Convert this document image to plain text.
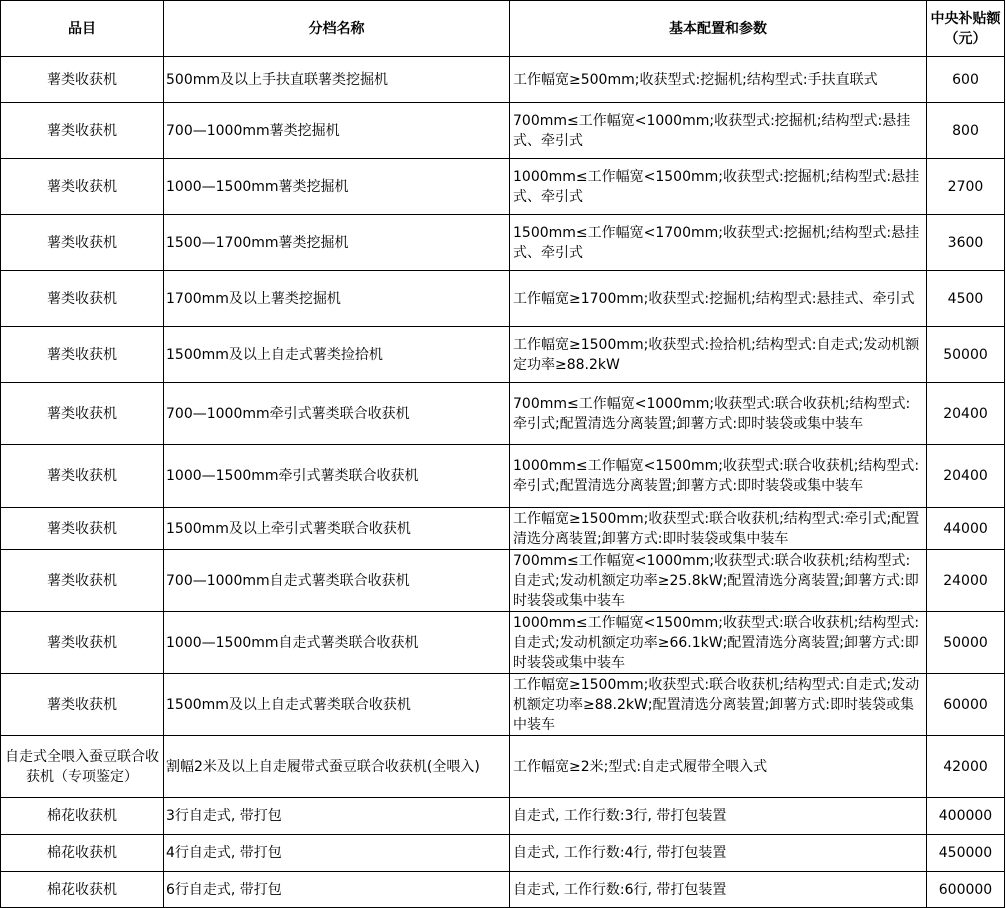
品目	分档名称	基本配置和参数	中央补贴额（元）
薯类收获机	500mm及以上手扶直联薯类挖掘机	工作幅宽≥500mm;收获型式:挖掘机;结构型式:手扶直联式	600
薯类收获机	700—1000mm薯类挖掘机	700mm≤工作幅宽<1000mm;收获型式:挖掘机;结构型式:悬挂式、牵引式	800
薯类收获机	1000—1500mm薯类挖掘机	1000mm≤工作幅宽<1500mm;收获型式:挖掘机;结构型式:悬挂式、牵引式	2700
薯类收获机	1500—1700mm薯类挖掘机	1500mm≤工作幅宽<1700mm;收获型式:挖掘机;结构型式:悬挂式、牵引式	3600
薯类收获机	1700mm及以上薯类挖掘机	工作幅宽≥1700mm;收获型式:挖掘机;结构型式:悬挂式、牵引式	4500
薯类收获机	1500mm及以上自走式薯类捡拾机	工作幅宽≥1500mm;收获型式:捡拾机;结构型式:自走式;发动机额定功率≥88.2kW	50000
薯类收获机	700—1000mm牵引式薯类联合收获机	700mm≤工作幅宽<1000mm;收获型式:联合收获机;结构型式:牵引式;配置清选分离装置;卸薯方式:即时装袋或集中装车	20400
薯类收获机	1000—1500mm牵引式薯类联合收获机	1000mm≤工作幅宽<1500mm;收获型式:联合收获机;结构型式:牵引式;配置清选分离装置;卸薯方式:即时装袋或集中装车	20400
薯类收获机	1500mm及以上牵引式薯类联合收获机	工作幅宽≥1500mm;收获型式:联合收获机;结构型式:牵引式;配置清选分离装置;卸薯方式:即时装袋或集中装车	44000
薯类收获机	700—1000mm自走式薯类联合收获机	700mm≤工作幅宽<1000mm;收获型式:联合收获机;结构型式:自走式;发动机额定功率≥25.8kW;配置清选分离装置;卸薯方式:即时装袋或集中装车	24000
薯类收获机	1000—1500mm自走式薯类联合收获机	1000mm≤工作幅宽<1500mm;收获型式:联合收获机;结构型式:自走式;发动机额定功率≥66.1kW;配置清选分离装置;卸薯方式:即时装袋或集中装车	50000
薯类收获机	1500mm及以上自走式薯类联合收获机	工作幅宽≥1500mm;收获型式:联合收获机;结构型式:自走式;发动机额定功率≥88.2kW;配置清选分离装置;卸薯方式:即时装袋或集中装车	60000
自走式全喂入蚕豆联合收获机（专项鉴定）	割幅2米及以上自走履带式蚕豆联合收获机(全喂入)	工作幅宽≥2米;型式:自走式履带全喂入式	42000
棉花收获机	3行自走式, 带打包	自走式, 工作行数:3行, 带打包装置	400000
棉花收获机	4行自走式, 带打包	自走式, 工作行数:4行, 带打包装置	450000
棉花收获机	6行自走式, 带打包	自走式, 工作行数:6行, 带打包装置	600000
